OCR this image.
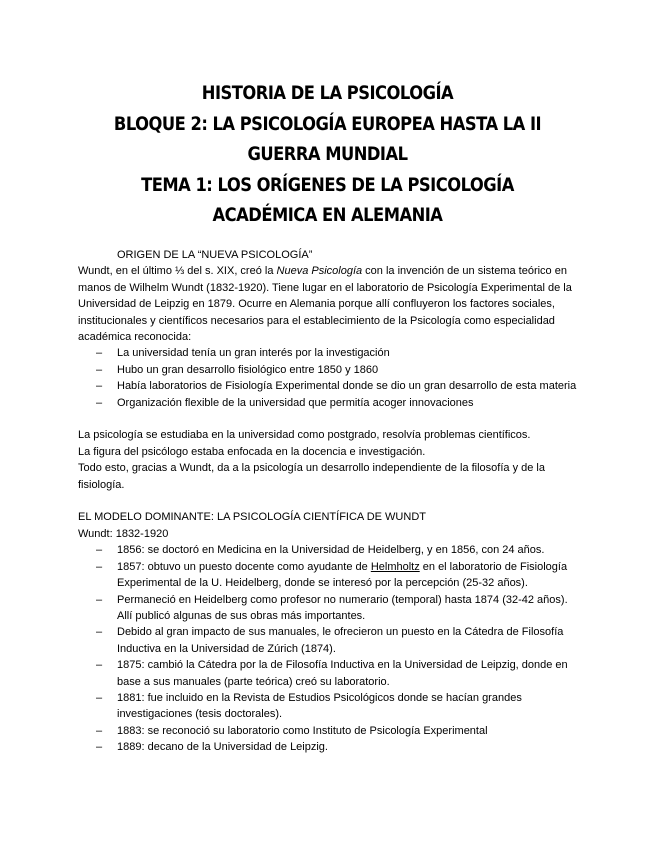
HISTORIA DE LA PSICOLOGÍA
BLOQUE 2: LA PSICOLOGÍA EUROPEA HASTA LA II GUERRA MUNDIAL
TEMA 1: LOS ORÍGENES DE LA PSICOLOGÍA ACADÉMICA EN ALEMANIA

ORIGEN DE LA “NUEVA PSICOLOGÍA”

Wundt, en el último ⅓ del s. XIX, creó la Nueva Psicología con la invención de un sistema teórico en manos de Wilhelm Wundt (1832-1920). Tiene lugar en el laboratorio de Psicología Experimental de la Universidad de Leipzig en 1879. Ocurre en Alemania porque allí confluyeron los factores sociales, institucionales y científicos necesarios para el establecimiento de la Psicología como especialidad académica reconocida:

– La universidad tenía un gran interés por la investigación
– Hubo un gran desarrollo fisiológico entre 1850 y 1860
– Había laboratorios de Fisiología Experimental donde se dio un gran desarrollo de esta materia
– Organización flexible de la universidad que permitía acoger innovaciones

La psicología se estudiaba en la universidad como postgrado, resolvía problemas científicos.

La figura del psicólogo estaba enfocada en la docencia e investigación.

Todo esto, gracias a Wundt, da a la psicología un desarrollo independiente de la filosofía y de la fisiología.

EL MODELO DOMINANTE: LA PSICOLOGÍA CIENTÍFICA DE WUNDT

Wundt: 1832-1920

– 1856: se doctoró en Medicina en la Universidad de Heidelberg, y en 1856, con 24 años.
– 1857: obtuvo un puesto docente como ayudante de Helmholtz en el laboratorio de Fisiología Experimental de la U. Heidelberg, donde se interesó por la percepción (25-32 años).
– Permaneció en Heidelberg como profesor no numerario (temporal) hasta 1874 (32-42 años). Allí publicó algunas de sus obras más importantes.
– Debido al gran impacto de sus manuales, le ofrecieron un puesto en la Cátedra de Filosofía Inductiva en la Universidad de Zúrich (1874).
– 1875: cambió la Cátedra por la de Filosofía Inductiva en la Universidad de Leipzig, donde en base a sus manuales (parte teórica) creó su laboratorio.
– 1881: fue incluido en la Revista de Estudios Psicológicos donde se hacían grandes investigaciones (tesis doctorales).
– 1883: se reconoció su laboratorio como Instituto de Psicología Experimental
– 1889: decano de la Universidad de Leipzig.
